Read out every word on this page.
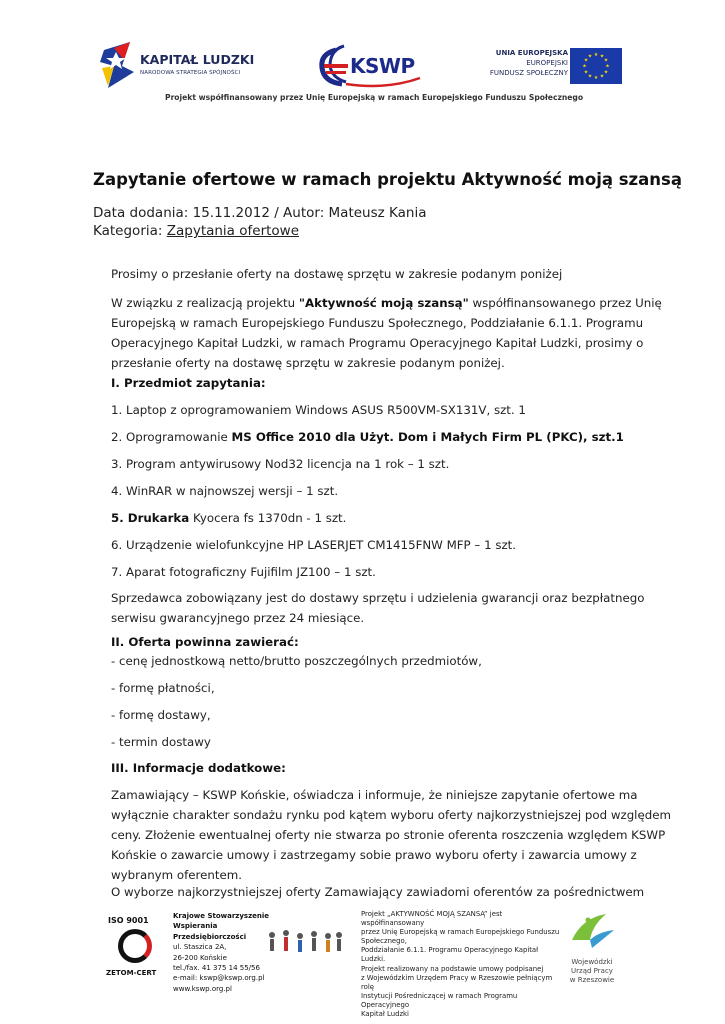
KAPITAŁ LUDZKI
NARODOWA STRATEGIA SPÓJNOŚCI	KSWP
UNIA EUROPEJSKA
EUROPEJSKI
FUNDUSZ SPOŁECZNY
★ ★
★
★
★
★
★
★
★
★
★
★
Projekt współfinansowany przez Unię Europejską w ramach Europejskiego Funduszu Społecznego
Zapytanie ofertowe w ramach projektu Aktywność moją szansą
Data dodania: 15.11.2012 / Autor: Mateusz Kania
Kategoria: Zapytania ofertowe
Prosimy o przesłanie oferty na dostawę sprzętu w zakresie podanym poniżej
W związku z realizacją projektu "Aktywność moją szansą" współfinansowanego przez Unię
Europejską w ramach Europejskiego Funduszu Społecznego, Poddziałanie 6.1.1. Programu
Operacyjnego Kapitał Ludzki, w ramach Programu Operacyjnego Kapitał Ludzki, prosimy o
przesłanie oferty na dostawę sprzętu w zakresie podanym poniżej.
I. Przedmiot zapytania:
1. Laptop z oprogramowaniem Windows ASUS R500VM-SX131V, szt. 1
2. Oprogramowanie MS Office 2010 dla Użyt. Dom i Małych Firm PL (PKC), szt.1
3. Program antywirusowy Nod32 licencja na 1 rok – 1 szt.
4. WinRAR w najnowszej wersji – 1 szt.
5. Drukarka Kyocera fs 1370dn - 1 szt.
6. Urządzenie wielofunkcyjne HP LASERJET CM1415FNW MFP – 1 szt.
7. Aparat fotograficzny Fujifilm JZ100 – 1 szt.
Sprzedawca zobowiązany jest do dostawy sprzętu i udzielenia gwarancji oraz bezpłatnego
serwisu gwarancyjnego przez 24 miesiące.
II. Oferta powinna zawierać:
- cenę jednostkową netto/brutto poszczególnych przedmiotów,
- formę płatności,
- formę dostawy,
- termin dostawy
III. Informacje dodatkowe:
Zamawiający – KSWP Końskie, oświadcza i informuje, że niniejsze zapytanie ofertowe ma
wyłącznie charakter sondażu rynku pod kątem wyboru oferty najkorzystniejszej pod względem
ceny. Złożenie ewentualnej oferty nie stwarza po stronie oferenta roszczenia względem KSWP
Końskie o zawarcie umowy i zastrzegamy sobie prawo wyboru oferty i zawarcia umowy z
wybranym oferentem.
O wyborze najkorzystniejszej oferty Zamawiający zawiadomi oferentów za pośrednictwem
ISO 9001
ZETOM-CERT
Krajowe Stowarzyszenie
Wspierania
Przedsiębiorczości
ul. Staszica 2A,
26-200 Końskie
tel./fax. 41 375 14 55/56
e-mail: kswp@kswp.org.pl
www.kswp.org.pl
Projekt „AKTYWNOŚĆ MOJĄ SZANSĄ” jest współfinansowany
przez Unię Europejską w ramach Europejskiego Funduszu
Społecznego,
Poddziałanie 6.1.1. Programu Operacyjnego Kapitał Ludzki.
Projekt realizowany na podstawie umowy podpisanej
z Wojewódzkim Urzędem Pracy w Rzeszowie pełniącym rolę
Instytucji Pośredniczącej w ramach Programu Operacyjnego
Kapitał Ludzki
Wojewódzki
Urząd Pracy
w Rzeszowie
